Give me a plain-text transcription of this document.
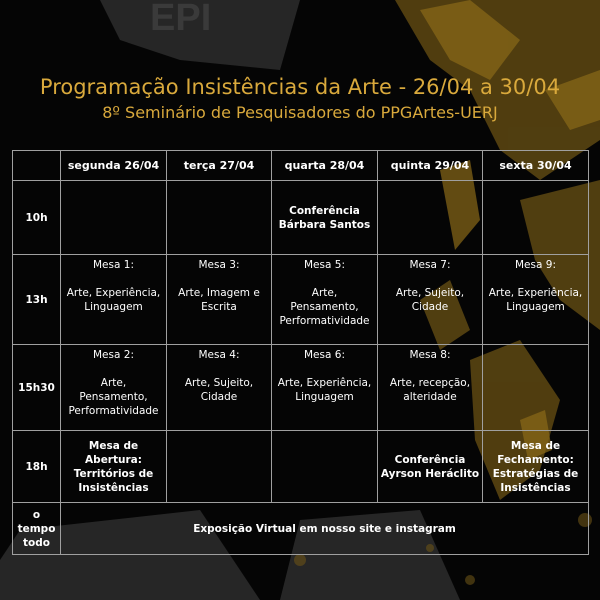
EPI
Programação Insistências da Arte - 26/04 a 30/04
8º Seminário de Pesquisadores do PPGArtes-UERJ
	segunda 26/04	terça 27/04	quarta 28/04	quinta 29/04	sexta 30/04
10h			Conferência
Bárbara Santos		

13h	Mesa 1:
Arte, Experiência,
Linguagem	Mesa 3:
Arte, Imagem e
Escrita	Mesa 5:
Arte,
Pensamento,
Performatividade	Mesa 7:
Arte, Sujeito,
Cidade	Mesa 9:
Arte, Experiência,
Linguagem

15h30	Mesa 2:
Arte,
Pensamento,
Performatividade	Mesa 4:
Arte, Sujeito,
Cidade	Mesa 6:
Arte, Experiência,
Linguagem	Mesa 8:
Arte, recepção,
alteridade	

18h	Mesa de
Abertura:
Territórios de
Insistências			Conferência
Ayrson Heráclito	Mesa de
Fechamento:
Estratégias de
Insistências

o
tempo
todo	Exposição Virtual em nosso site e instagram				
